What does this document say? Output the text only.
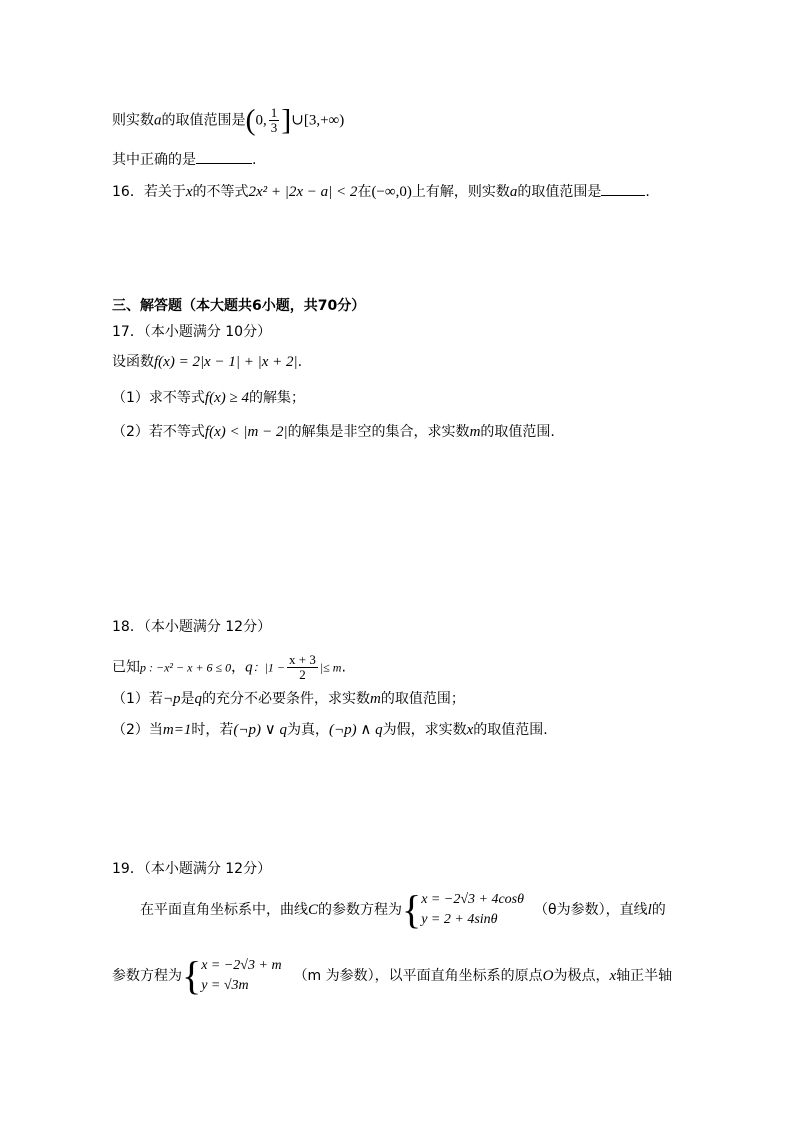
则实数a的取值范围是(0, $\frac{1}{3}$ ]∪[3,+∞)
其中正确的是	.
16．若关于x的不等式2x² + |2x − a| < 2在(−∞,0)上有解，则实数a的取值范围是	.
三、解答题（本大题共6小题，共70分）
17．（本小题满分 10分）
设函数f(x) = 2|x − 1| + |x + 2|.
（1）求不等式f(x) ≥ 4的解集；
（2）若不等式f(x) < |m − 2|的解集是非空的集合，求实数m的取值范围.
18．（本小题满分 12分）
已知p : −x² − x + 6 ≤ 0，q：$|1 - \frac{x + 3}{2}$ |≤ m.
（1）若¬p是q的充分不必要条件，求实数m的取值范围；
（2）当m=1时，若(¬p) ∨ q为真，(¬p) ∧ q为假，求实数x的取值范围.
19．（本小题满分 12分）
在平面直角坐标系中，曲线C的参数方程为{ x = −2√3 + 4cosθ
y = 2 + 4sinθ
（θ为参数），直线l的
参数方程为{ x = −2√3 + m
y = √3m
（m 为参数），以平面直角坐标系的原点O为极点，x轴正半轴
